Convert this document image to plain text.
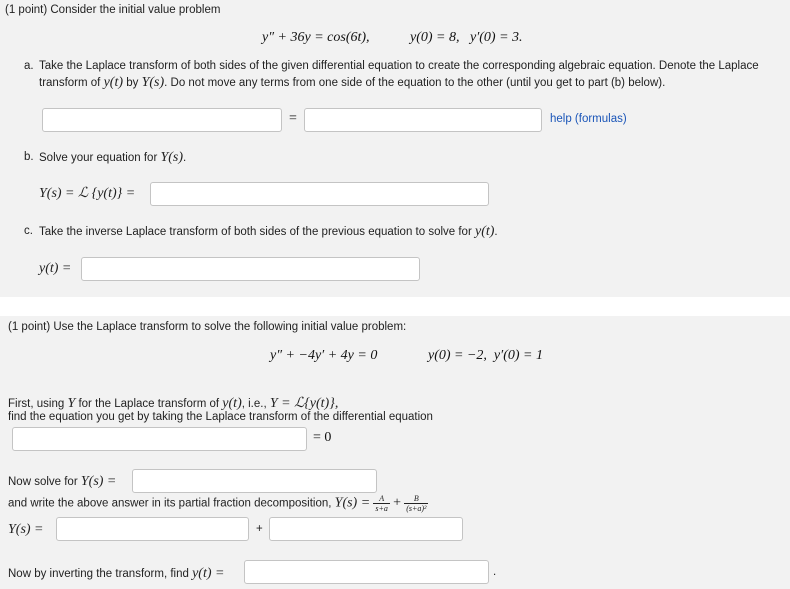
(1 point) Consider the initial value problem
y″ + 36y = cos(6t),	y(0) = 8,   y′(0) = 3.
a. Take the Laplace transform of both sides of the given differential equation to create the corresponding algebraic equation. Denote the Laplace
transform of y(t) by Y(s). Do not move any terms from one side of the equation to the other (until you get to part (b) below).
=	help (formulas)
b. Solve your equation for Y(s).
Y(s) = ℒ {y(t)} =
c. Take the inverse Laplace transform of both sides of the previous equation to solve for y(t).
y(t) =
(1 point) Use the Laplace transform to solve the following initial value problem:
y″ + −4y′ + 4y = 0	y(0) = −2,  y′(0) = 1
First, using Y for the Laplace transform of y(t), i.e., Y = ℒ{y(t)},
find the equation you get by taking the Laplace transform of the differential equation
= 0
Now solve for Y(s) =
and write the above answer in its partial fraction decomposition, $Y(s) = \frac{A}{s+a} + \frac{B}{\text{(s+a)²}}$
Y(s) =	+
Now by inverting the transform, find y(t) =	.
